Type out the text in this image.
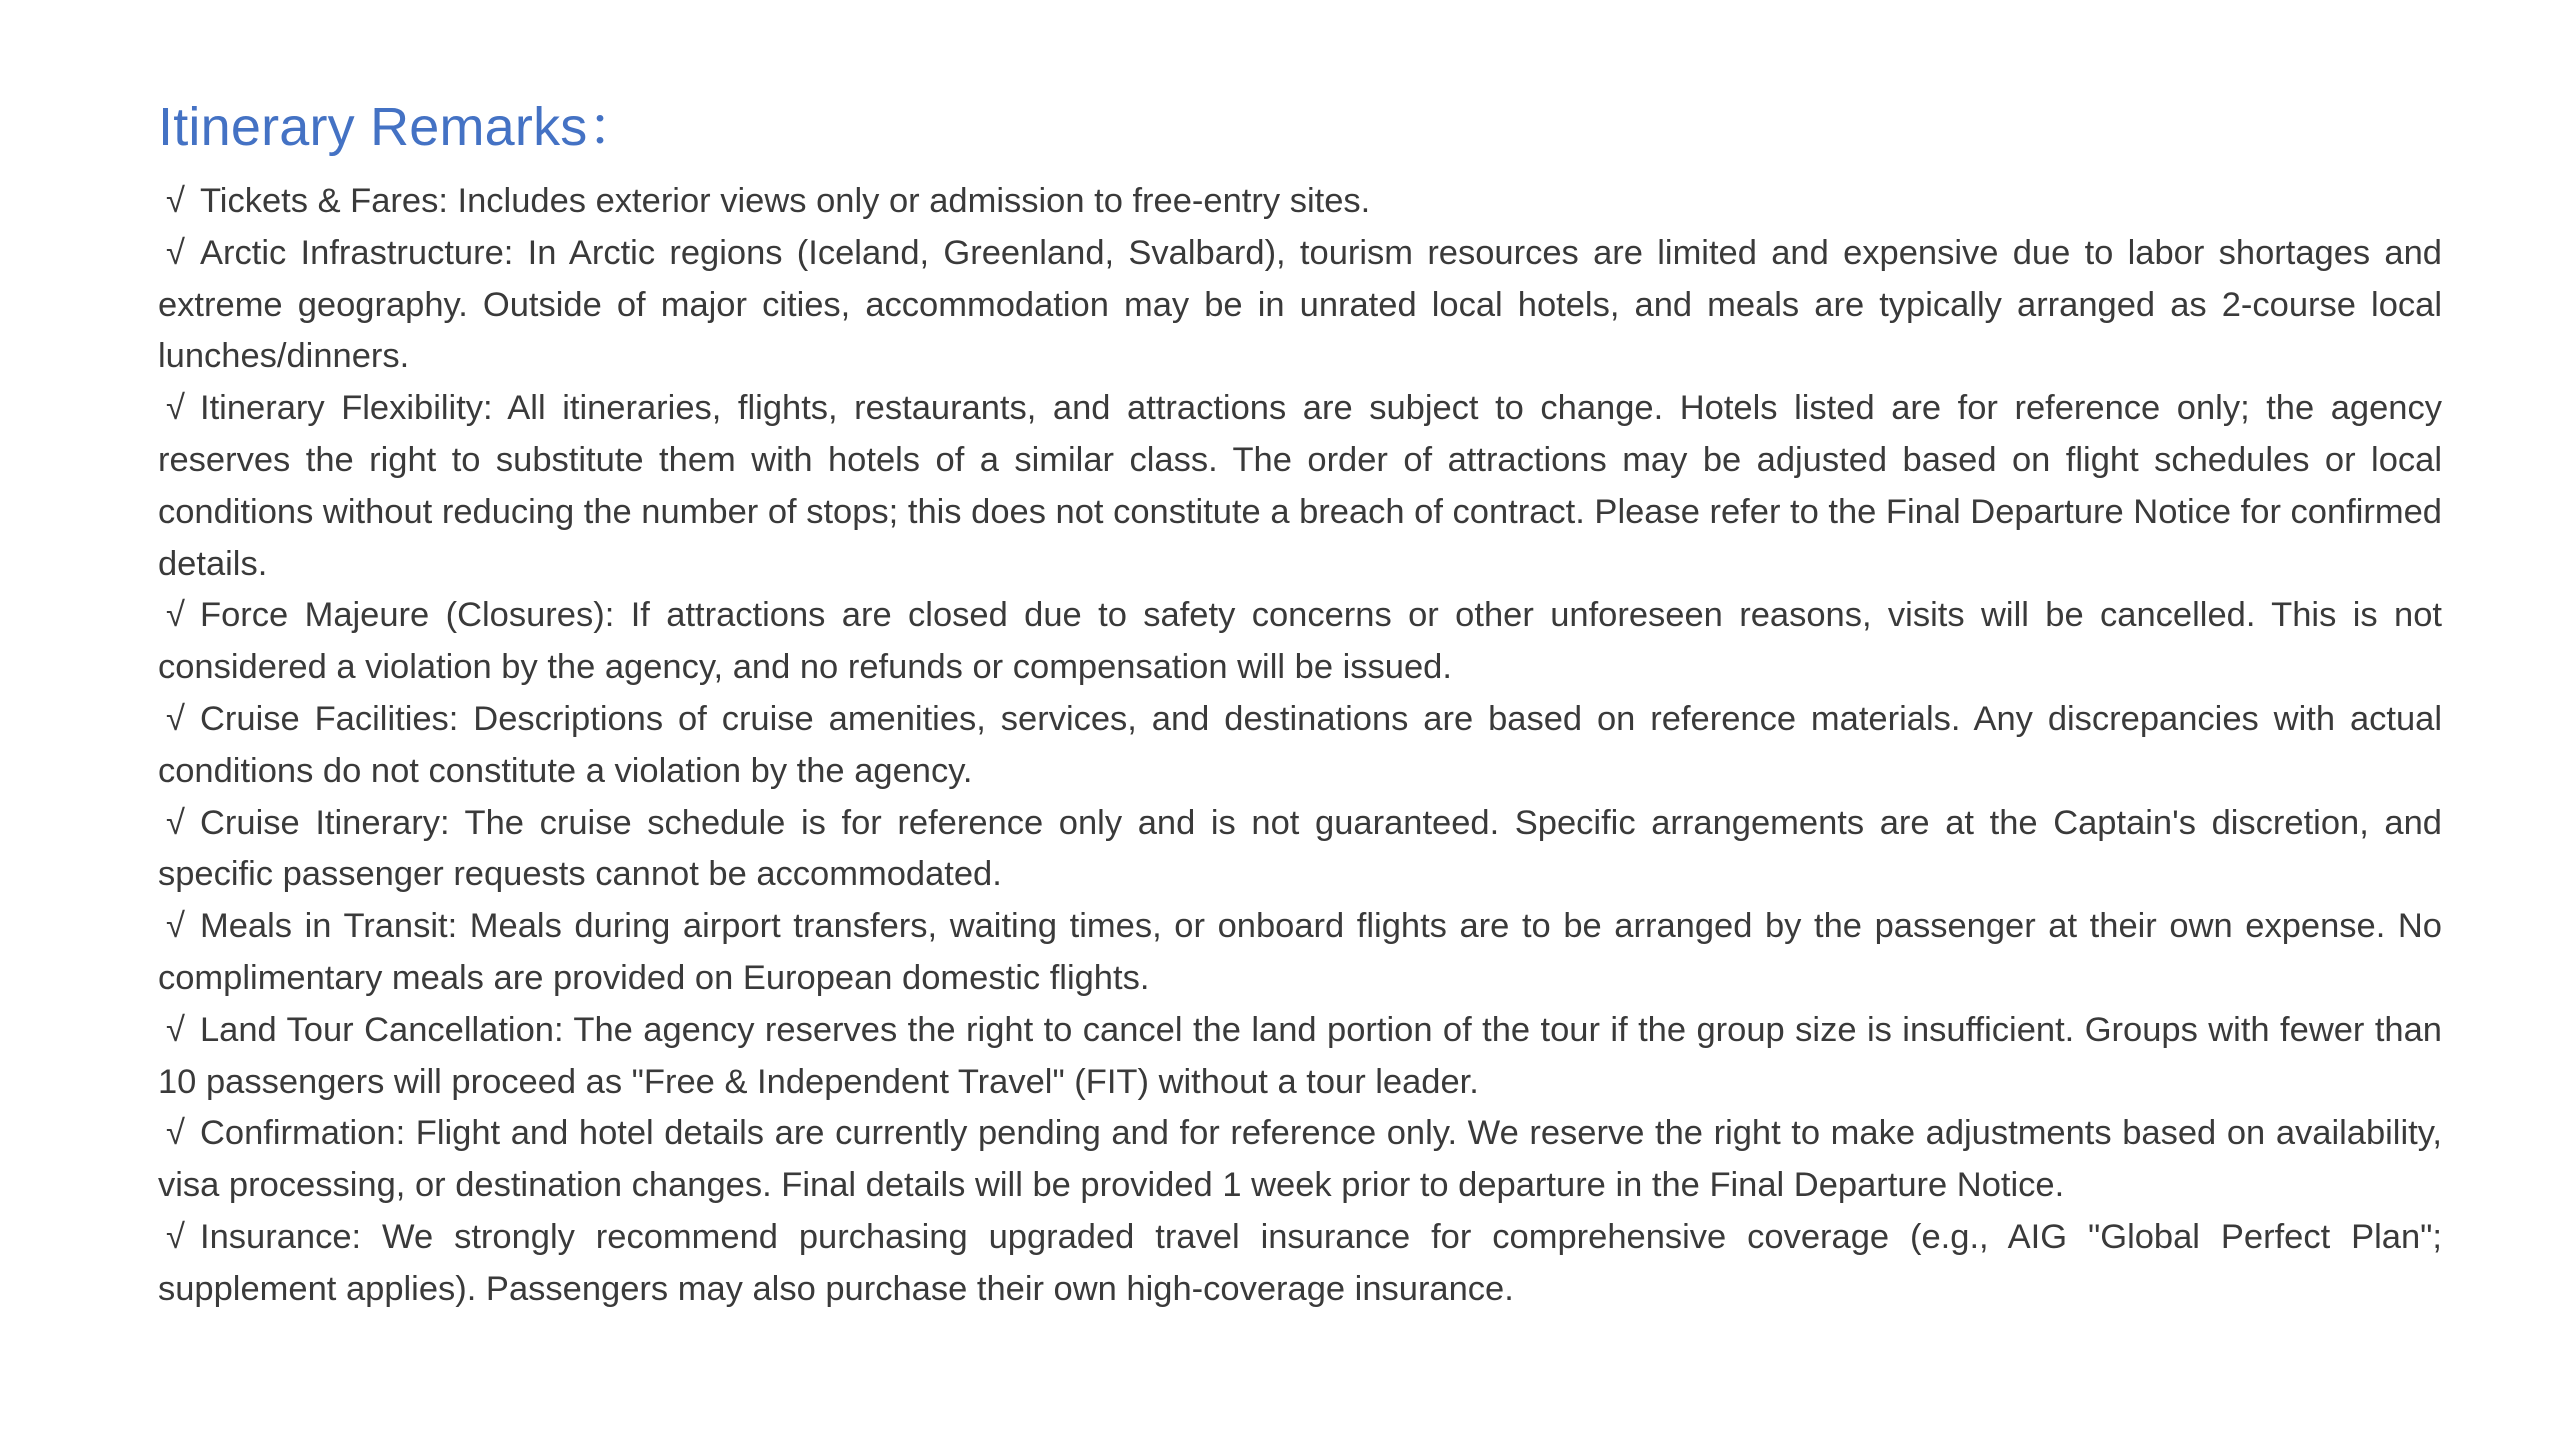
Itinerary Remarks：

√ Tickets & Fares: Includes exterior views only or admission to free-entry sites.

√ Arctic Infrastructure: In Arctic regions (Iceland, Greenland, Svalbard), tourism resources are limited and expensive due to labor shortages and extreme geography. Outside of major cities, accommodation may be in unrated local hotels, and meals are typically arranged as 2-course local lunches/dinners.

√ Itinerary Flexibility: All itineraries, flights, restaurants, and attractions are subject to change. Hotels listed are for reference only; the agency reserves the right to substitute them with hotels of a similar class. The order of attractions may be adjusted based on flight schedules or local conditions without reducing the number of stops; this does not constitute a breach of contract. Please refer to the Final Departure Notice for confirmed details.

√ Force Majeure (Closures): If attractions are closed due to safety concerns or other unforeseen reasons, visits will be cancelled. This is not considered a violation by the agency, and no refunds or compensation will be issued.

√ Cruise Facilities: Descriptions of cruise amenities, services, and destinations are based on reference materials. Any discrepancies with actual conditions do not constitute a violation by the agency.

√ Cruise Itinerary: The cruise schedule is for reference only and is not guaranteed. Specific arrangements are at the Captain's discretion, and specific passenger requests cannot be accommodated.

√ Meals in Transit: Meals during airport transfers, waiting times, or onboard flights are to be arranged by the passenger at their own expense. No complimentary meals are provided on European domestic flights.

√ Land Tour Cancellation: The agency reserves the right to cancel the land portion of the tour if the group size is insufficient. Groups with fewer than 10 passengers will proceed as "Free & Independent Travel" (FIT) without a tour leader.

√ Confirmation: Flight and hotel details are currently pending and for reference only. We reserve the right to make adjustments based on availability, visa processing, or destination changes. Final details will be provided 1 week prior to departure in the Final Departure Notice.

√ Insurance: We strongly recommend purchasing upgraded travel insurance for comprehensive coverage (e.g., AIG "Global Perfect Plan"; supplement applies). Passengers may also purchase their own high-coverage insurance.
